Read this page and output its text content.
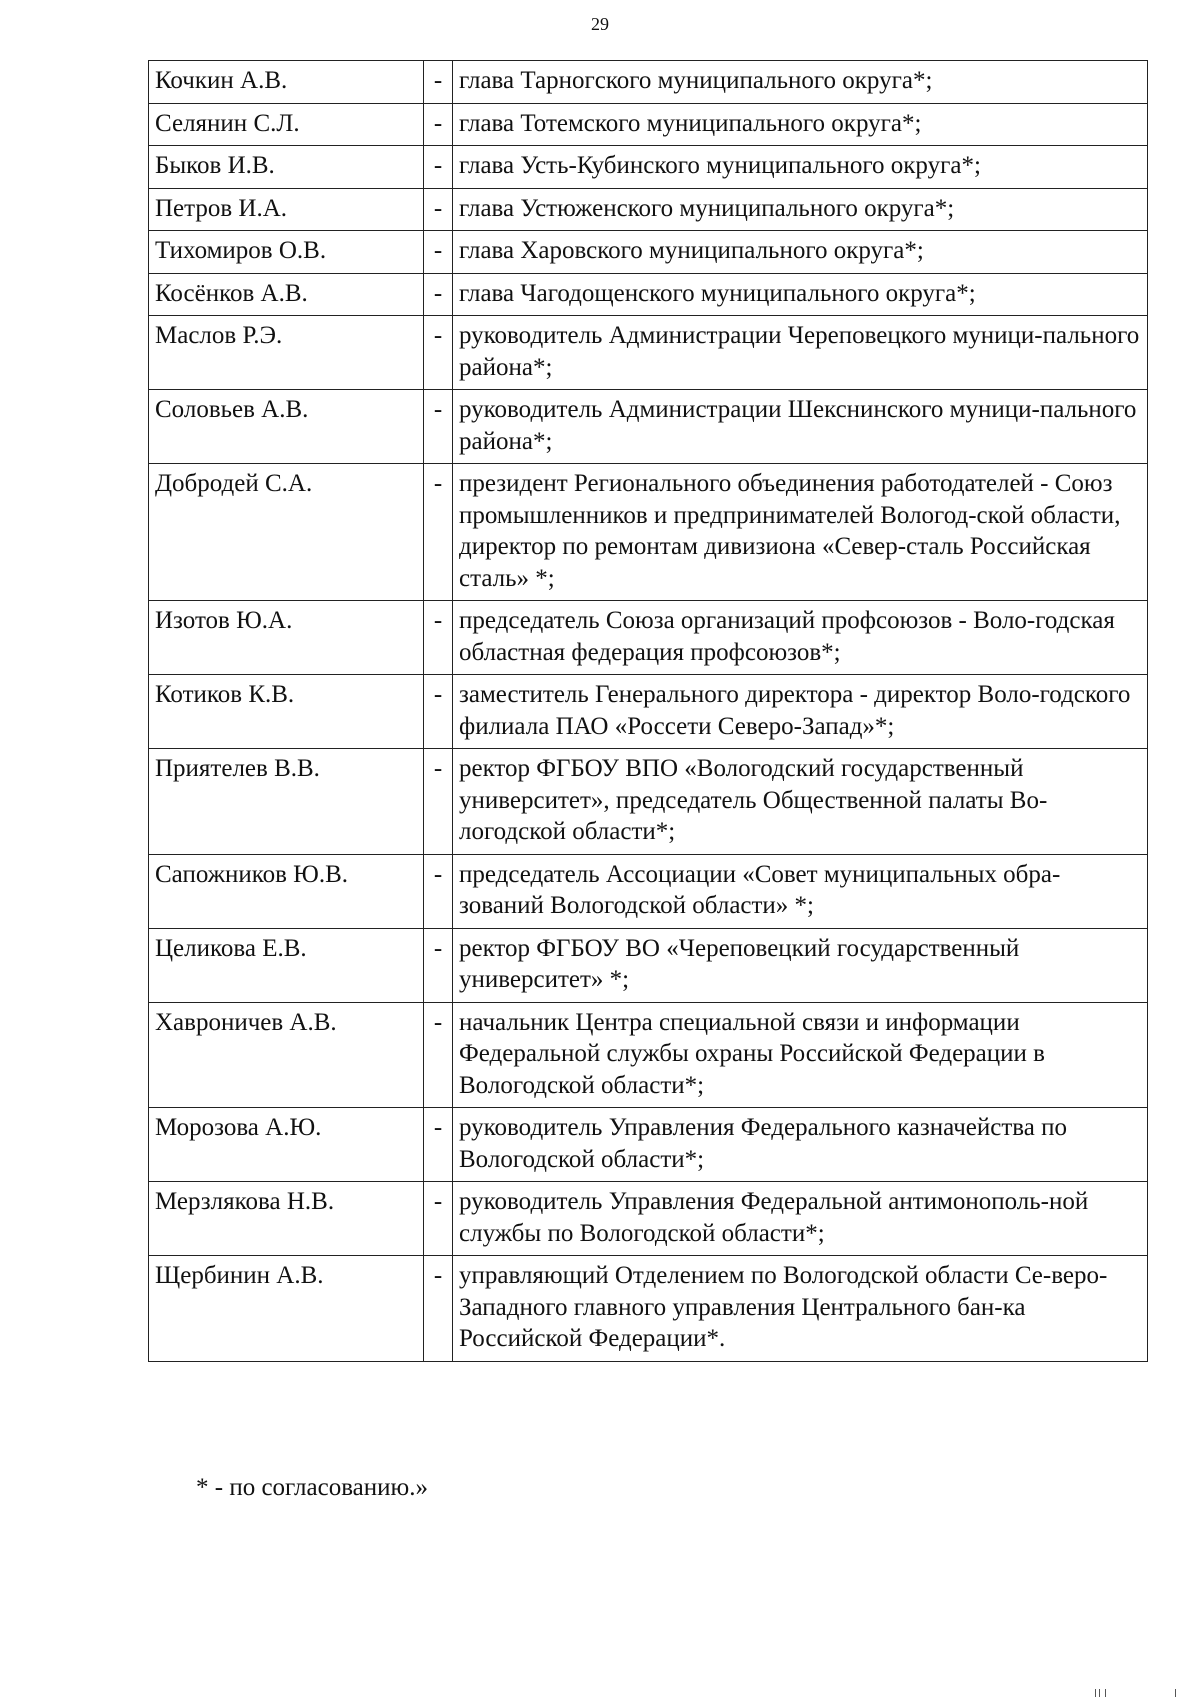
29
Кочкин А.В.	-	глава Тарногского муниципального округа*;
Селянин С.Л.	-	глава Тотемского муниципального округа*;
Быков И.В.	-	глава Усть-Кубинского муниципального округа*;
Петров И.А.	-	глава Устюженского муниципального округа*;
Тихомиров О.В.	-	глава Харовского муниципального округа*;
Косёнков А.В.	-	глава Чагодощенского муниципального округа*;
Маслов Р.Э.	-	руководитель Администрации Череповецкого муници-пального района*;
Соловьев А.В.	-	руководитель Администрации Шекснинского муници-пального района*;
Добродей С.А.	-	президент Регионального объединения работодателей - Союз промышленников и предпринимателей Вологод-ской области, директор по ремонтам дивизиона «Север-сталь Российская сталь» *;
Изотов Ю.А.	-	председатель Союза организаций профсоюзов - Воло-годская областная федерация профсоюзов*;
Котиков К.В.	-	заместитель Генерального директора - директор Воло-годского филиала ПАО «Россети Северо-Запад»*;
Приятелев В.В.	-	ректор ФГБОУ ВПО «Вологодский государственный университет», председатель Общественной палаты Во-логодской области*;
Сапожников Ю.В.	-	председатель Ассоциации «Совет муниципальных обра-зований Вологодской области» *;
Целикова Е.В.	-	ректор ФГБОУ ВО «Череповецкий государственный университет» *;
Хавроничев А.В.	-	начальник Центра специальной связи и информации Федеральной службы охраны Российской Федерации в Вологодской области*;
Морозова А.Ю.	-	руководитель Управления Федерального казначейства по Вологодской области*;
Мерзлякова Н.В.	-	руководитель Управления Федеральной антимонополь-ной службы по Вологодской области*;
Щербинин А.В.	-	управляющий Отделением по Вологодской области Се-веро-Западного главного управления Центрального бан-ка Российской Федерации*.
* - по согласованию.»
